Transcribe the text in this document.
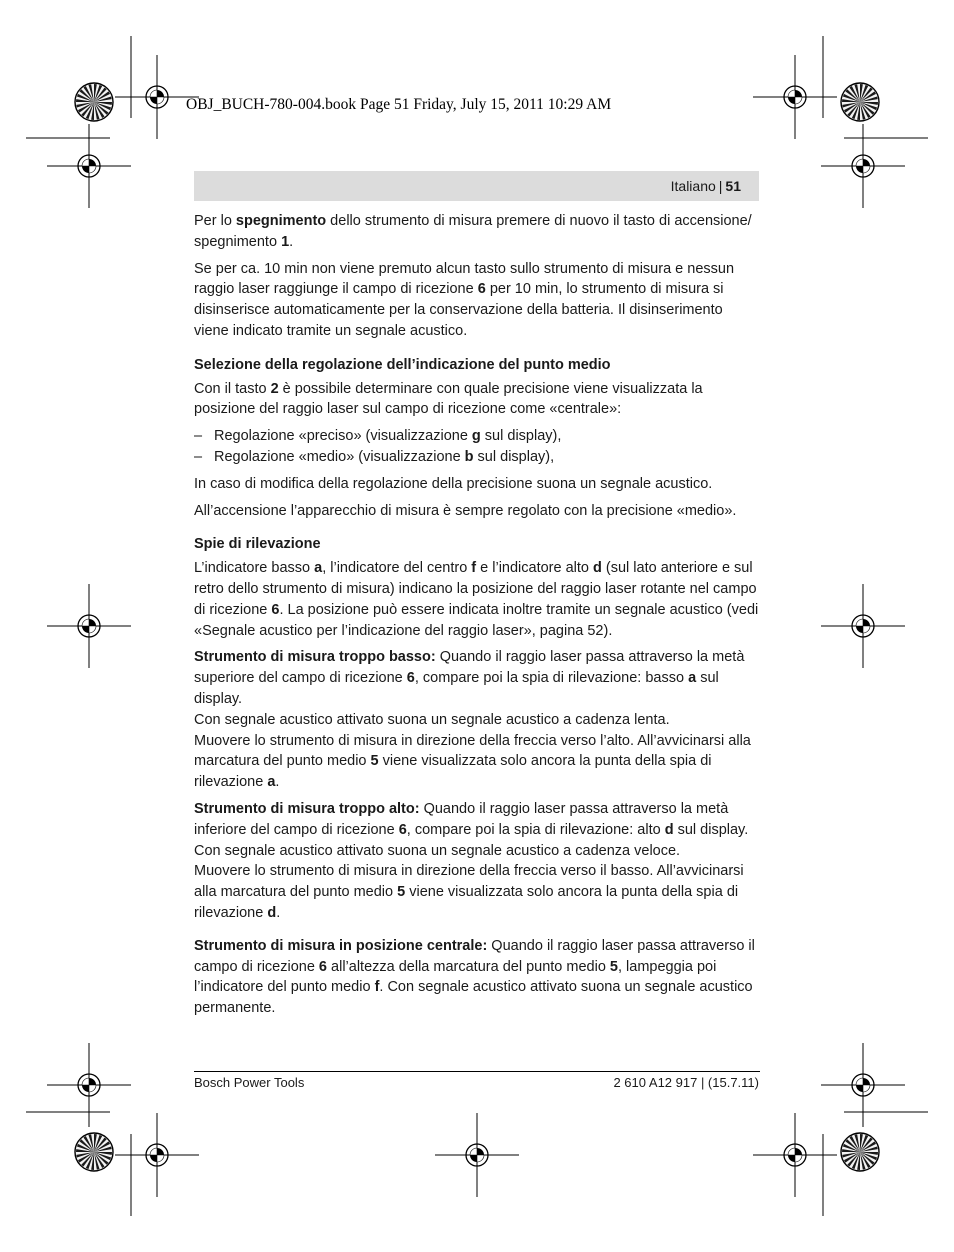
OBJ_BUCH-780-004.book Page 51 Friday, July 15, 2011 10:29 AM

Italiano | 51

Per lo spegnimento dello strumento di misura premere di nuovo il tasto di accensione/ spegnimento 1.

Se per ca. 10 min non viene premuto alcun tasto sullo strumento di misura e nessun raggio laser raggiunge il campo di ricezione 6 per 10 min, lo strumento di misura si disinserisce automaticamente per la conservazione della batteria. Il disinserimento viene indicato tramite un segnale acustico.

Selezione della regolazione dell’indicazione del punto medio

Con il tasto 2 è possibile determinare con quale precisione viene visualizzata la posizione del raggio laser sul campo di ricezione come «centrale»:

– Regolazione «preciso» (visualizzazione g sul display),
– Regolazione «medio» (visualizzazione b sul display),

In caso di modifica della regolazione della precisione suona un segnale acustico.

All’accensione l’apparecchio di misura è sempre regolato con la precisione «medio».

Spie di rilevazione

L’indicatore basso a, l’indicatore del centro f e l’indicatore alto d (sul lato anteriore e sul retro dello strumento di misura) indicano la posizione del raggio laser rotante nel campo di ricezione 6. La posizione può essere indicata inoltre tramite un segnale acustico (vedi «Segnale acustico per l’indicazione del raggio laser», pagina 52).

Strumento di misura troppo basso: Quando il raggio laser passa attraverso la metà superiore del campo di ricezione 6, compare poi la spia di rilevazione: basso a sul display.

Con segnale acustico attivato suona un segnale acustico a cadenza lenta.

Muovere lo strumento di misura in direzione della freccia verso l’alto. All’avvicinarsi alla marcatura del punto medio 5 viene visualizzata solo ancora la punta della spia di rilevazione a.

Strumento di misura troppo alto: Quando il raggio laser passa attraverso la metà inferiore del campo di ricezione 6, compare poi la spia di rilevazione: alto d sul display.

Con segnale acustico attivato suona un segnale acustico a cadenza veloce.

Muovere lo strumento di misura in direzione della freccia verso il basso. All’avvicinarsi alla marcatura del punto medio 5 viene visualizzata solo ancora la punta della spia di rilevazione d.

Strumento di misura in posizione centrale: Quando il raggio laser passa attraverso il campo di ricezione 6 all’altezza della marcatura del punto medio 5, lampeggia poi l’indicatore del punto medio f. Con segnale acustico attivato suona un segnale acustico permanente.

Bosch Power Tools	2 610 A12 917 | (15.7.11)
